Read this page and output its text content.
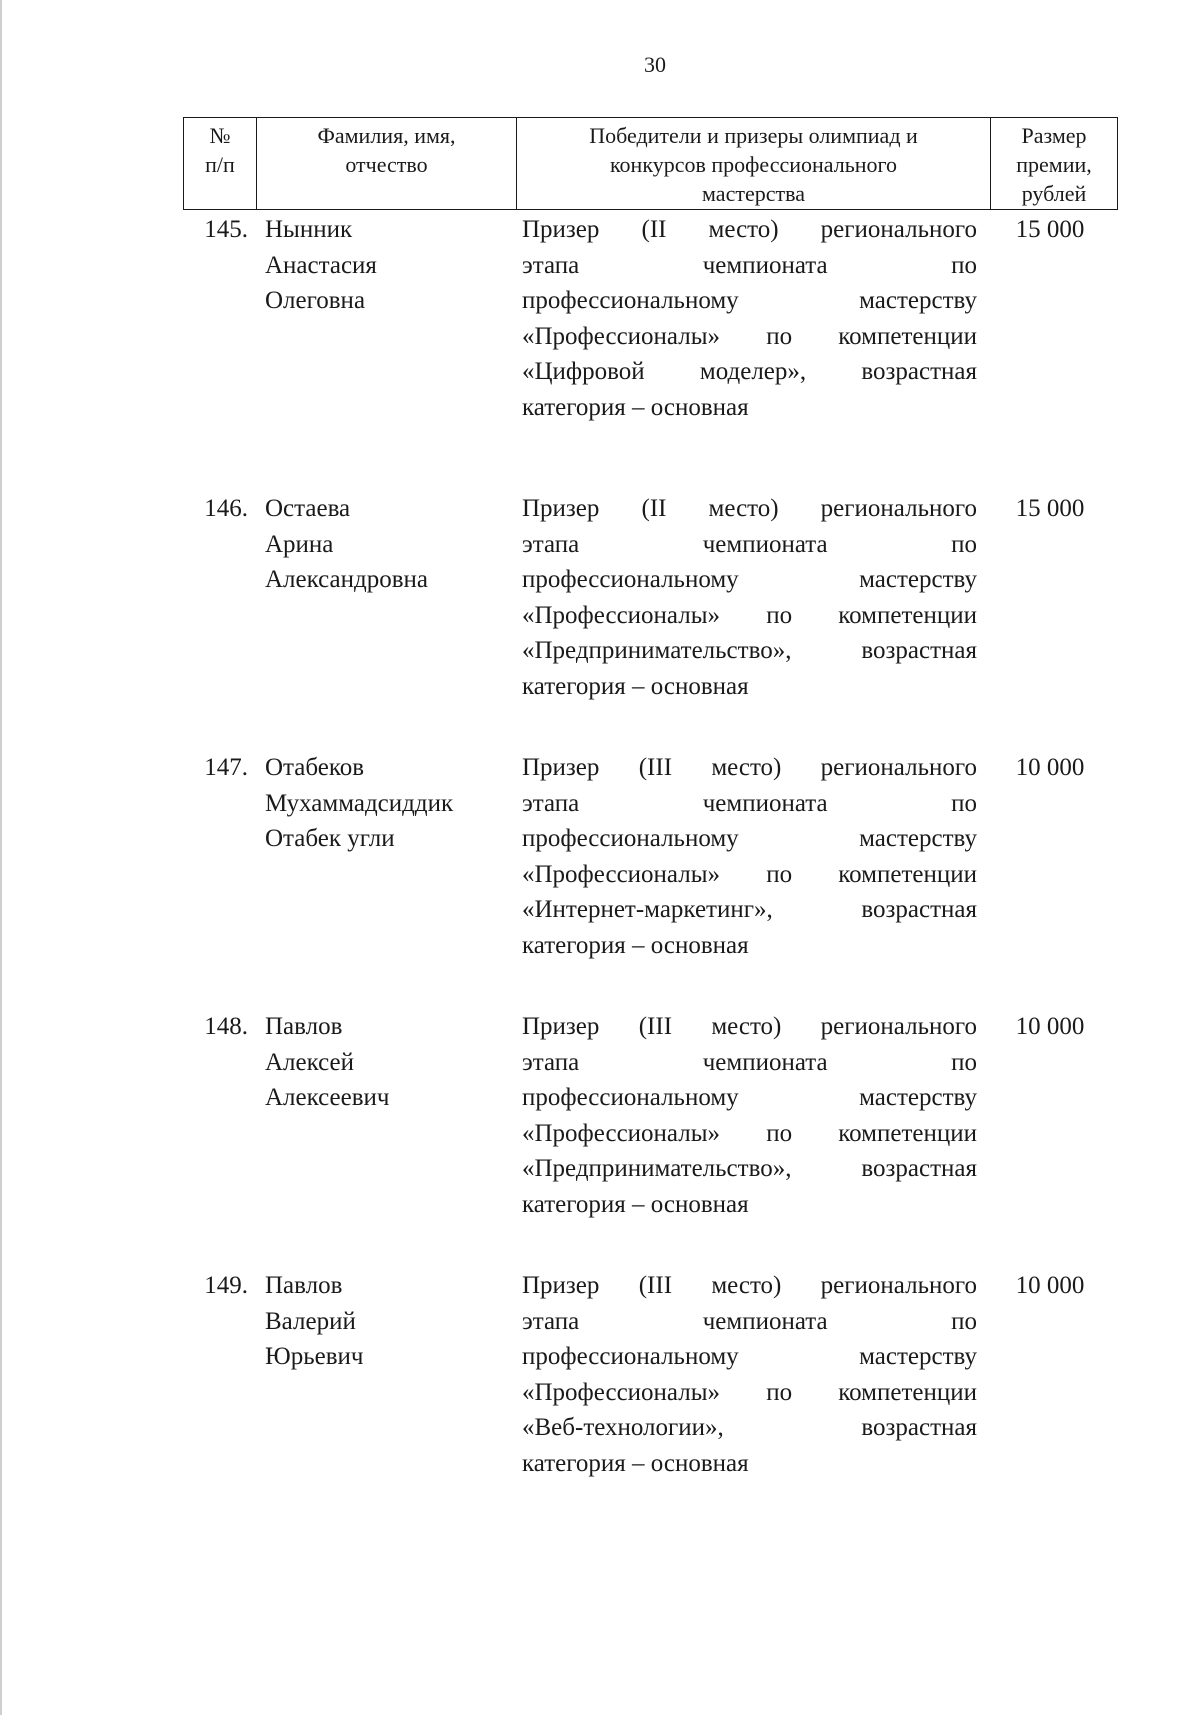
30
№
п/п
Фамилия, имя,
отчество
Победители и призеры олимпиад и
конкурсов профессионального
мастерства
Размер
премии,
рублей
145. Нынник
Анастасия
Олеговна
Призер (II место) регионального
этапа чемпионата по
профессиональному мастерству
«Профессионалы» по компетенции
«Цифровой моделер», возрастная
категория – основная
15 000
146. Остаева
Арина
Александровна
Призер (II место) регионального
этапа чемпионата по
профессиональному мастерству
«Профессионалы» по компетенции
«Предпринимательство», возрастная
категория – основная
15 000
147. Отабеков
Мухаммадсиддик
Отабек угли
Призер (III место) регионального
этапа чемпионата по
профессиональному мастерству
«Профессионалы» по компетенции
«Интернет-маркетинг», возрастная
категория – основная
10 000
148. Павлов
Алексей
Алексеевич
Призер (III место) регионального
этапа чемпионата по
профессиональному мастерству
«Профессионалы» по компетенции
«Предпринимательство», возрастная
категория – основная
10 000
149. Павлов
Валерий
Юрьевич
Призер (III место) регионального
этапа чемпионата по
профессиональному мастерству
«Профессионалы» по компетенции
«Веб-технологии», возрастная
категория – основная
10 000
